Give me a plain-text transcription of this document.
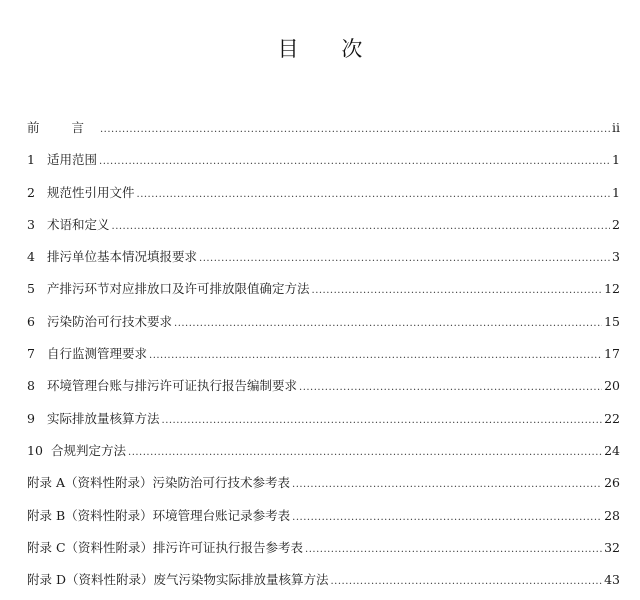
目 次
前 言 .....	ii
1 适用范围 .....	1
2 规范性引用文件 .....	1
3 术语和定义 .....	2
4 排污单位基本情况填报要求 .....	3
5 产排污环节对应排放口及许可排放限值确定方法 .....	12
6 污染防治可行技术要求 .....	15
7 自行监测管理要求 .....	17
8 环境管理台账与排污许可证执行报告编制要求 .....	20
9 实际排放量核算方法 .....	22
10 合规判定方法 .....	24
附录 A（资料性附录）污染防治可行技术参考表 .....	26
附录 B（资料性附录）环境管理台账记录参考表 .....	28
附录 C（资料性附录）排污许可证执行报告参考表 .....	32
附录 D（资料性附录）废气污染物实际排放量核算方法 .....	43
